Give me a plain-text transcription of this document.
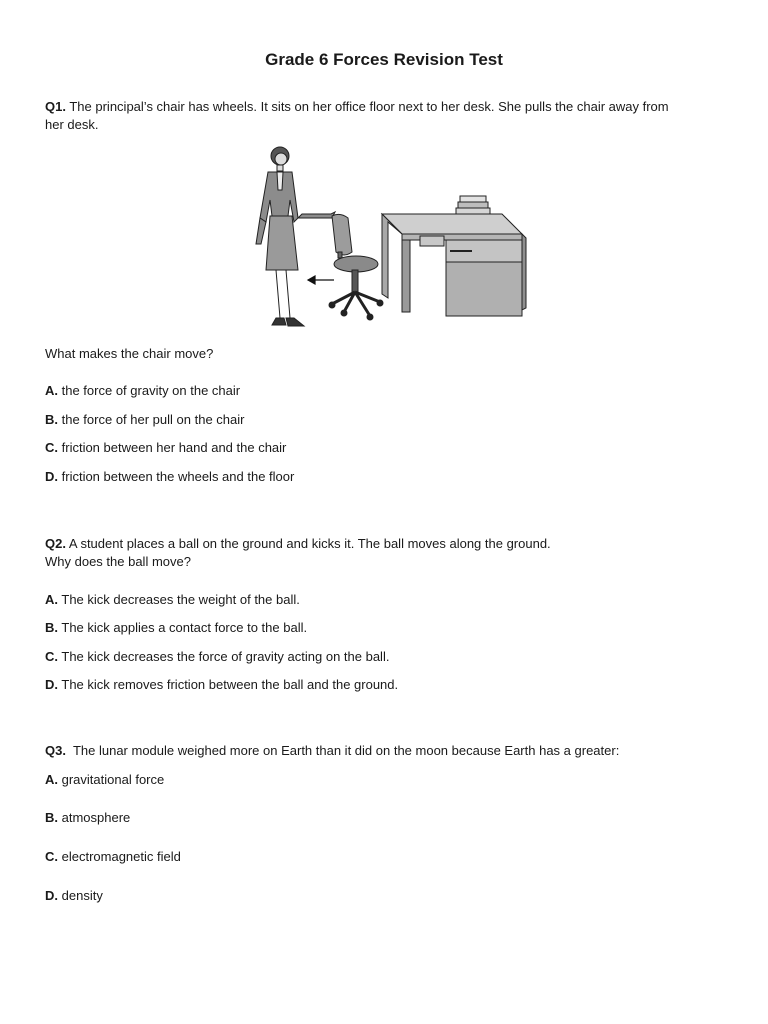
Grade 6 Forces Revision Test
Q1. The principal’s chair has wheels. It sits on her office floor next to her desk. She pulls the chair away from
her desk.
What makes the chair move?
A. the force of gravity on the chair
B. the force of her pull on the chair
C. friction between her hand and the chair
D. friction between the wheels and the floor
Q2. A student places a ball on the ground and kicks it. The ball moves along the ground.
Why does the ball move?
A. The kick decreases the weight of the ball.
B. The kick applies a contact force to the ball.
C. The kick decreases the force of gravity acting on the ball.
D. The kick removes friction between the ball and the ground.
Q3. The lunar module weighed more on Earth than it did on the moon because Earth has a greater:
A. gravitational force
B. atmosphere
C. electromagnetic field
D. density
